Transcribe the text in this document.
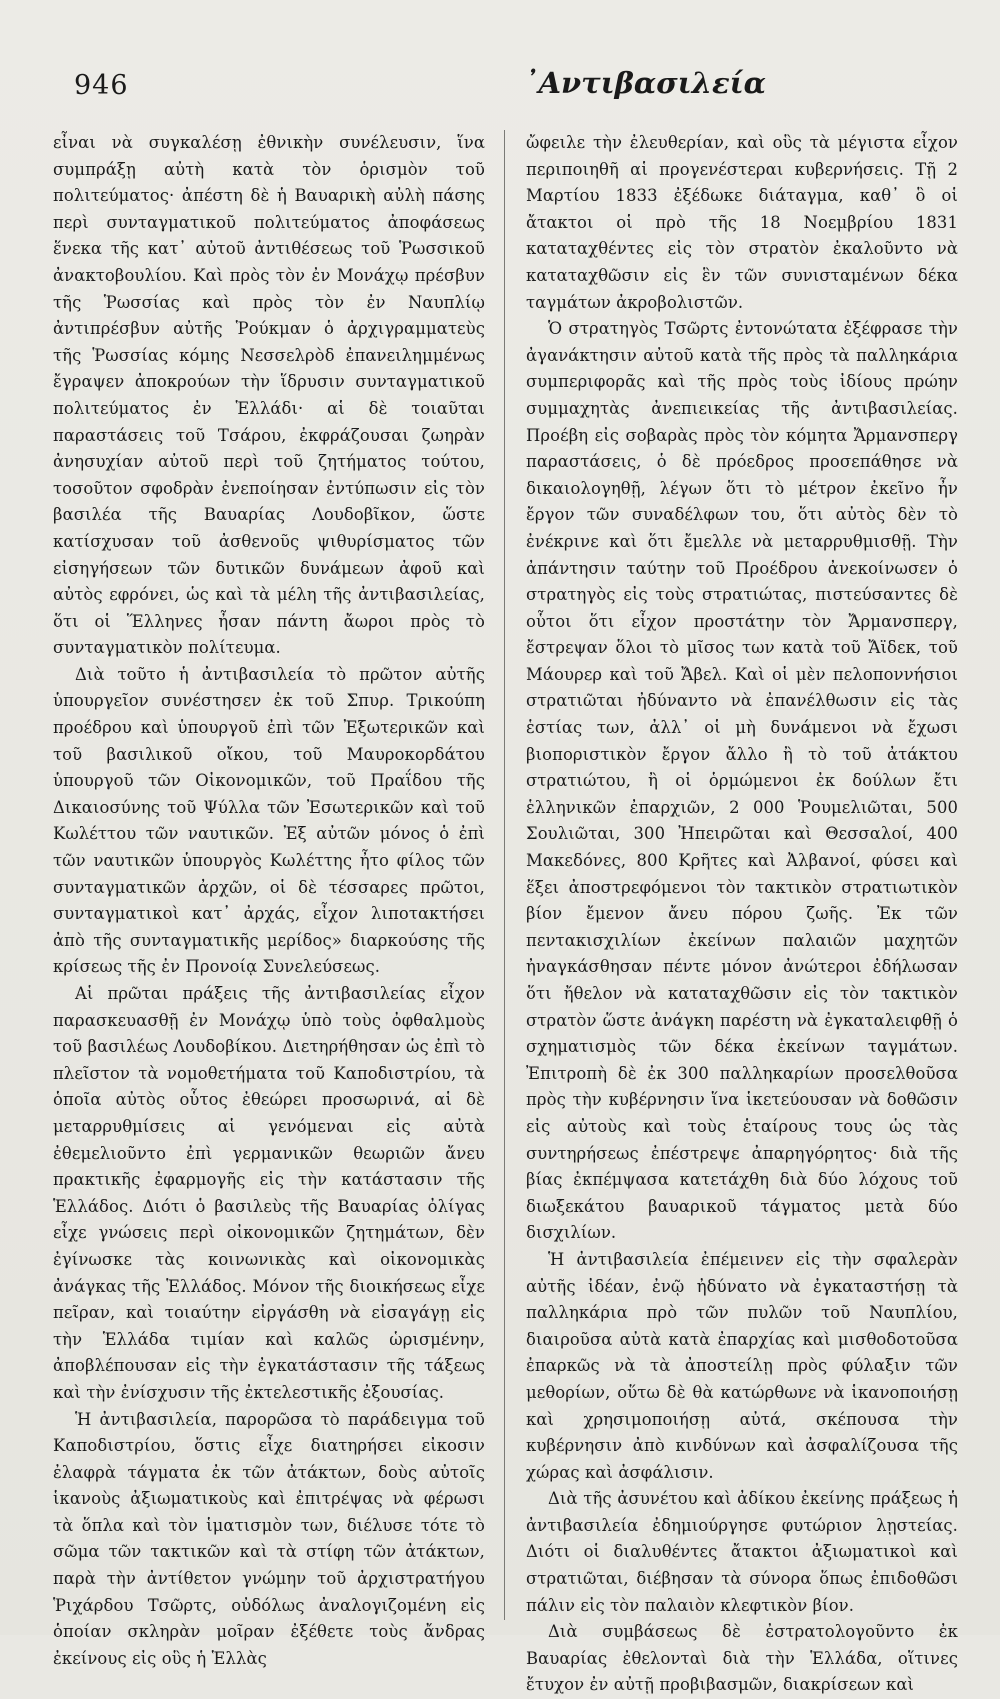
946	᾿Αντιβασιλεία

εἶναι νὰ συγκαλέσῃ ἐθνικὴν συνέλευσιν, ἵνα συμπράξῃ αὐτὴ κατὰ τὸν ὁρισμὸν τοῦ πολιτεύματος· ἀπέστη δὲ ἡ Βαυαρικὴ αὐλὴ πάσης περὶ συνταγματικοῦ πολιτεύματος ἀποφάσεως ἕνεκα τῆς κατ᾿ αὐτοῦ ἀντιθέσεως τοῦ Ῥωσσικοῦ ἀνακτοβουλίου. Καὶ πρὸς τὸν ἐν Μονάχῳ πρέσβυν τῆς Ῥωσσίας καὶ πρὸς τὸν ἐν Ναυπλίῳ ἀντιπρέσβυν αὐτῆς Ῥούκμαν ὁ ἀρχιγραμματεὺς τῆς Ῥωσσίας κόμης Νεσσελρὸδ ἐπανειλημμένως ἔγραψεν ἀποκρούων τὴν ἵδρυσιν συνταγματικοῦ πολιτεύματος ἐν Ἑλλάδι· αἱ δὲ τοιαῦται παραστάσεις τοῦ Τσάρου, ἐκφράζουσαι ζωηρὰν ἀνησυχίαν αὐτοῦ περὶ τοῦ ζητήματος τούτου, τοσοῦτον σφοδρὰν ἐνεποίησαν ἐντύπωσιν εἰς τὸν βασιλέα τῆς Βαυαρίας Λουδοβῖκον, ὥστε κατίσχυσαν τοῦ ἀσθενοῦς ψιθυρίσματος τῶν εἰσηγήσεων τῶν δυτικῶν δυνάμεων ἀφοῦ καὶ αὐτὸς εφρόνει, ὡς καὶ τὰ μέλη τῆς ἀντιβασιλείας, ὅτι οἱ Ἕλληνες ἦσαν πάντη ἄωροι πρὸς τὸ συνταγματικὸν πολίτευμα.

Διὰ τοῦτο ἡ ἀντιβασιλεία τὸ πρῶτον αὐτῆς ὑπουργεῖον συνέστησεν ἐκ τοῦ Σπυρ. Τρικούπη προέδρου καὶ ὑπουργοῦ ἐπὶ τῶν Ἐξωτερικῶν καὶ τοῦ βασιλικοῦ οἴκου, τοῦ Μαυροκορδάτου ὑπουργοῦ τῶν Οἰκονομικῶν, τοῦ Πραΐδου τῆς Δικαιοσύνης τοῦ Ψύλλα τῶν Ἐσωτερικῶν καὶ τοῦ Κωλέττου τῶν ναυτικῶν. Ἐξ αὐτῶν μόνος ὁ ἐπὶ τῶν ναυτικῶν ὑπουργὸς Κωλέττης ἦτο φίλος τῶν συνταγματικῶν ἀρχῶν, οἱ δὲ τέσσαρες πρῶτοι, συνταγματικοὶ κατ᾿ ἀρχάς, εἶχον λιποτακτήσει ἀπὸ τῆς συνταγματικῆς μερίδος» διαρκούσης τῆς κρίσεως τῆς ἐν Προνοίᾳ Συνελεύσεως.

Αἱ πρῶται πράξεις τῆς ἀντιβασιλείας εἶχον παρασκευασθῇ ἐν Μονάχῳ ὑπὸ τοὺς ὀφθαλμοὺς τοῦ βασιλέως Λουδοβίκου. Διετηρήθησαν ὡς ἐπὶ τὸ πλεῖστον τὰ νομοθετήματα τοῦ Καποδιστρίου, τὰ ὁποῖα αὐτὸς οὗτος ἐθεώρει προσωρινά, αἱ δὲ μεταρρυθμίσεις αἱ γενόμεναι εἰς αὐτὰ ἐθεμελιοῦντο ἐπὶ γερμανικῶν θεωριῶν ἄνευ πρακτικῆς ἐφαρμογῆς εἰς τὴν κατάστασιν τῆς Ἑλλάδος. Διότι ὁ βασιλεὺς τῆς Βαυαρίας ὀλίγας εἶχε γνώσεις περὶ οἰκονομικῶν ζητημάτων, δὲν ἐγίνωσκε τὰς κοινωνικὰς καὶ οἰκονομικὰς ἀνάγκας τῆς Ἑλλάδος. Μόνον τῆς διοικήσεως εἶχε πεῖραν, καὶ τοιαύτην εἰργάσθη νὰ εἰσαγάγῃ εἰς τὴν Ἑλλάδα τιμίαν καὶ καλῶς ὡρισμένην, ἀποβλέπουσαν εἰς τὴν ἐγκατάστασιν τῆς τάξεως καὶ τὴν ἐνίσχυσιν τῆς ἐκτελεστικῆς ἐξουσίας.

Ἡ ἀντιβασιλεία, παρορῶσα τὸ παράδειγμα τοῦ Καποδιστρίου, ὅστις εἶχε διατηρήσει εἰκοσιν ἐλαφρὰ τάγματα ἐκ τῶν ἀτάκτων, δοὺς αὐτοῖς ἱκανοὺς ἀξιωματικοὺς καὶ ἐπιτρέψας νὰ φέρωσι τὰ ὅπλα καὶ τὸν ἱματισμὸν των, διέλυσε τότε τὸ σῶμα τῶν τακτικῶν καὶ τὰ στίφη τῶν ἀτάκτων, παρὰ τὴν ἀντίθετον γνώμην τοῦ ἀρχιστρατήγου Ῥιχάρδου Τσῶρτς, οὐδόλως ἀναλογιζομένη εἰς ὁποίαν σκληρὰν μοῖραν ἐξέθετε τοὺς ἄνδρας ἐκείνους εἰς οὓς ἡ Ἑλλὰς

ὤφειλε τὴν ἐλευθερίαν, καὶ οὓς τὰ μέγιστα εἶχον περιποιηθῆ αἱ προγενέστεραι κυβερνήσεις. Τῇ 2 Μαρτίου 1833 ἐξέδωκε διάταγμα, καθ᾿ ὃ οἱ ἄτακτοι οἱ πρὸ τῆς 18 Νοεμβρίου 1831 καταταχθέντες εἰς τὸν στρατὸν ἐκαλοῦντο νὰ καταταχθῶσιν εἰς ἓν τῶν συνισταμένων δέκα ταγμάτων ἀκροβολιστῶν.

Ὁ στρατηγὸς Τσῶρτς ἐντονώτατα ἐξέφρασε τὴν ἀγανάκτησιν αὐτοῦ κατὰ τῆς πρὸς τὰ παλληκάρια συμπεριφορᾶς καὶ τῆς πρὸς τοὺς ἰδίους πρώην συμμαχητὰς ἀνεπιεικείας τῆς ἀντιβασιλείας. Προέβη εἰς σοβαρὰς πρὸς τὸν κόμητα Ἄρμανσπεργ παραστάσεις, ὁ δὲ πρόεδρος προσεπάθησε νὰ δικαιολογηθῇ, λέγων ὅτι τὸ μέτρον ἐκεῖνο ἦν ἔργον τῶν συναδέλφων του, ὅτι αὐτὸς δὲν τὸ ἐνέκρινε καὶ ὅτι ἔμελλε νὰ μεταρρυθμισθῇ. Τὴν ἀπάντησιν ταύτην τοῦ Προέδρου ἀνεκοίνωσεν ὁ στρατηγὸς εἰς τοὺς στρατιώτας, πιστεύσαντες δὲ οὗτοι ὅτι εἶχον προστάτην τὸν Ἄρμανσπεργ, ἔστρεψαν ὅλοι τὸ μῖσος των κατὰ τοῦ Ἄϊδεκ, τοῦ Μάουρερ καὶ τοῦ Ἄβελ. Καὶ οἱ μὲν πελοποννήσιοι στρατιῶται ἠδύναντο νὰ ἐπανέλθωσιν εἰς τὰς ἑστίας των, ἀλλ᾿ οἱ μὴ δυνάμενοι νὰ ἔχωσι βιοποριστικὸν ἔργον ἄλλο ἢ τὸ τοῦ ἀτάκτου στρατιώτου, ἢ οἱ ὁρμώμενοι ἐκ δούλων ἔτι ἑλληνικῶν ἐπαρχιῶν, 2 000 Ῥουμελιῶται, 500 Σουλιῶται, 300 Ἠπειρῶται καὶ Θεσσαλοί, 400 Μακεδόνες, 800 Κρῆτες καὶ Ἀλβανοί, φύσει καὶ ἕξει ἀποστρεφόμενοι τὸν τακτικὸν στρατιωτικὸν βίον ἔμενον ἄνευ πόρου ζωῆς. Ἐκ τῶν πεντακισχιλίων ἐκείνων παλαιῶν μαχητῶν ἠναγκάσθησαν πέντε μόνον ἀνώτεροι ἐδήλωσαν ὅτι ἤθελον νὰ καταταχθῶσιν εἰς τὸν τακτικὸν στρατὸν ὥστε ἀνάγκη παρέστη νὰ ἐγκαταλειφθῇ ὁ σχηματισμὸς τῶν δέκα ἐκείνων ταγμάτων. Ἐπιτροπὴ δὲ ἐκ 300 παλληκαρίων προσελθοῦσα πρὸς τὴν κυβέρνησιν ἵνα ἱκετεύουσαν νὰ δοθῶσιν εἰς αὐτοὺς καὶ τοὺς ἑταίρους τους ὡς τὰς συντηρήσεως ἐπέστρεψε ἀπαρηγόρητος· διὰ τῆς βίας ἐκπέμψασα κατετάχθη διὰ δύο λόχους τοῦ διωξεκάτου βαυαρικοῦ τάγματος μετὰ δύο δισχιλίων.

Ἡ ἀντιβασιλεία ἐπέμεινεν εἰς τὴν σφαλερὰν αὐτῆς ἰδέαν, ἐνῷ ἠδύνατο νὰ ἐγκαταστήσῃ τὰ παλληκάρια πρὸ τῶν πυλῶν τοῦ Ναυπλίου, διαιροῦσα αὐτὰ κατὰ ἐπαρχίας καὶ μισθοδοτοῦσα ἐπαρκῶς νὰ τὰ ἀποστείλῃ πρὸς φύλαξιν τῶν μεθορίων, οὕτω δὲ θὰ κατώρθωνε νὰ ἱκανοποιήσῃ καὶ χρησιμοποιήσῃ αὐτά, σκέπουσα τὴν κυβέρνησιν ἀπὸ κινδύνων καὶ ἀσφαλίζουσα τῆς χώρας καὶ ἀσφάλισιν.

Διὰ τῆς ἀσυνέτου καὶ ἀδίκου ἐκείνης πράξεως ἡ ἀντιβασιλεία ἐδημιούργησε φυτώριον λῃστείας. Διότι οἱ διαλυθέντες ἄτακτοι ἀξιωματικοὶ καὶ στρατιῶται, διέβησαν τὰ σύνορα ὅπως ἐπιδοθῶσι πάλιν εἰς τὸν παλαιὸν κλεφτικὸν βίον.

Διὰ συμβάσεως δὲ ἐστρατολογοῦντο ἐκ Βαυαρίας ἐθελονταὶ διὰ τὴν Ἑλλάδα, οἵτινες ἔτυχον ἐν αὐτῇ προβιβασμῶν, διακρίσεων καὶ
